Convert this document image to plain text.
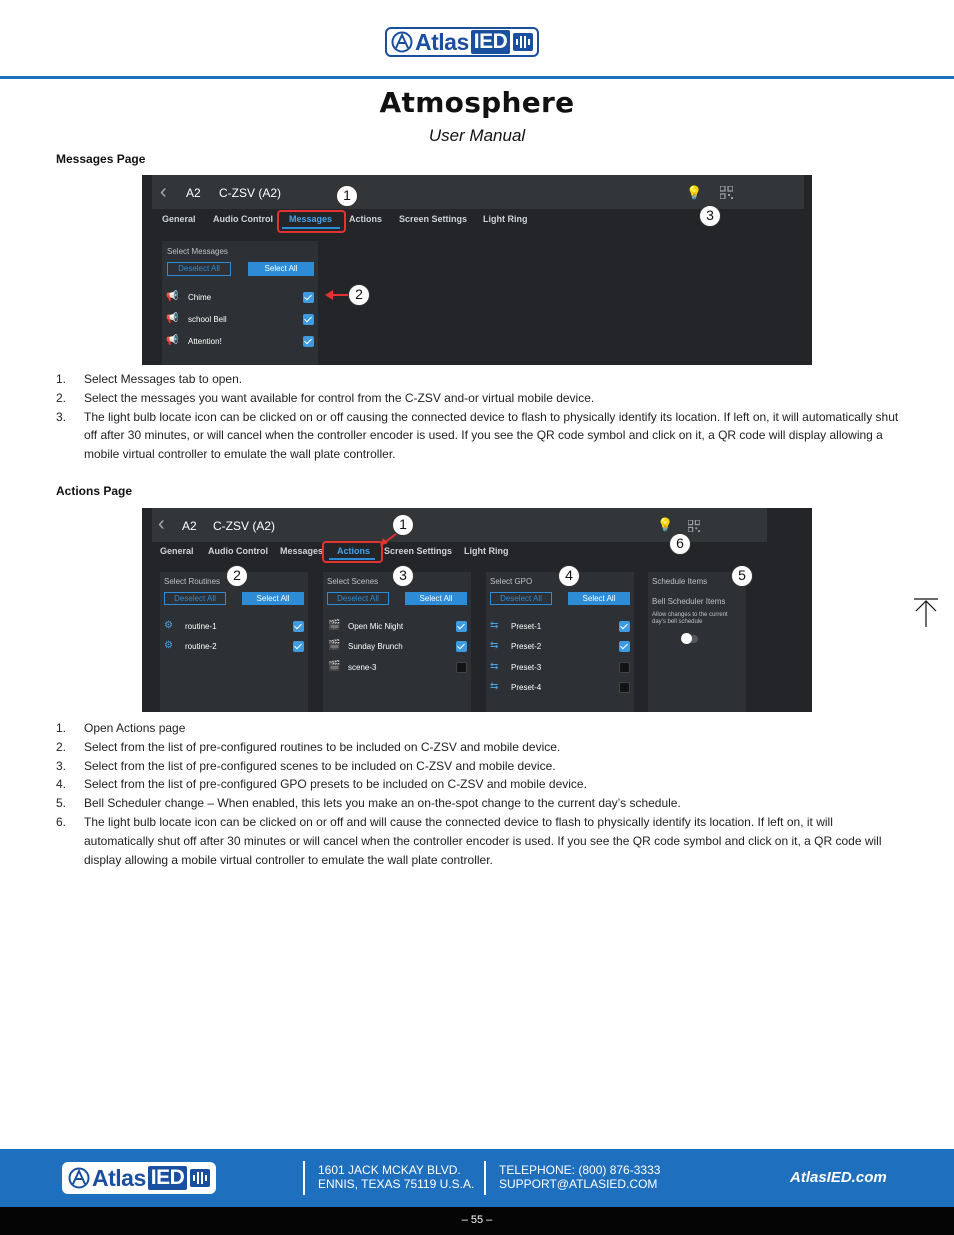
Atlas IED
Atmosphere
User Manual
Messages Page
‹ A2 C-ZSV (A2)	💡
General Audio Control Messages Actions Screen Settings Light Ring
Select Messages
Deselect All	Select All
📢 Chime
📢 school Bell
📢 Attention!
1
2
3
1.	Select Messages tab to open.
2.	Select the messages you want available for control from the C-ZSV and-or virtual mobile device.
3.	The light bulb locate icon can be clicked on or off causing the connected device to flash to physically identify its location. If left on, it will automatically shut off after 30 minutes, or will cancel when the controller encoder is used. If you see the QR code symbol and click on it, a QR code will display allowing a mobile virtual controller to emulate the wall plate controller.
Actions Page
‹ A2 C-ZSV (A2)	💡
General Audio Control Messages Actions Screen Settings Light Ring
Select Routines
Deselect All	Select All
⚙ routine-1
⚙ routine-2
Select Scenes
Deselect All	Select All
🎬 Open Mic Night
🎬 Sunday Brunch
🎬 scene-3
Select GPO
Deselect All	Select All
⇆ Preset-1
⇆ Preset-2
⇆ Preset-3
⇆ Preset-4
Schedule Items
Bell Scheduler Items
Allow changes to the current day's bell schedule
1
2	3	4	5
6
1.	Open Actions page
2.	Select from the list of pre-configured routines to be included on C-ZSV and mobile device.
3.	Select from the list of pre-configured scenes to be included on C-ZSV and mobile device.
4.	Select from the list of pre-configured GPO presets to be included on C-ZSV and mobile device.
5.	Bell Scheduler change – When enabled, this lets you make an on-the-spot change to the current day’s schedule.
6.	The light bulb locate icon can be clicked on or off and will cause the connected device to flash to physically identify its location. If left on, it will automatically shut off after 30 minutes or will cancel when the controller encoder is used. If you see the QR code symbol and click on it, a QR code will display allowing a mobile virtual controller to emulate the wall plate controller.
Atlas IED	1601 JACK MCKAY BLVD.
ENNIS, TEXAS 75119 U.S.A.
TELEPHONE: (800) 876-3333
SUPPORT@ATLASIED.COM	AtlasIED.com
– 55 –
